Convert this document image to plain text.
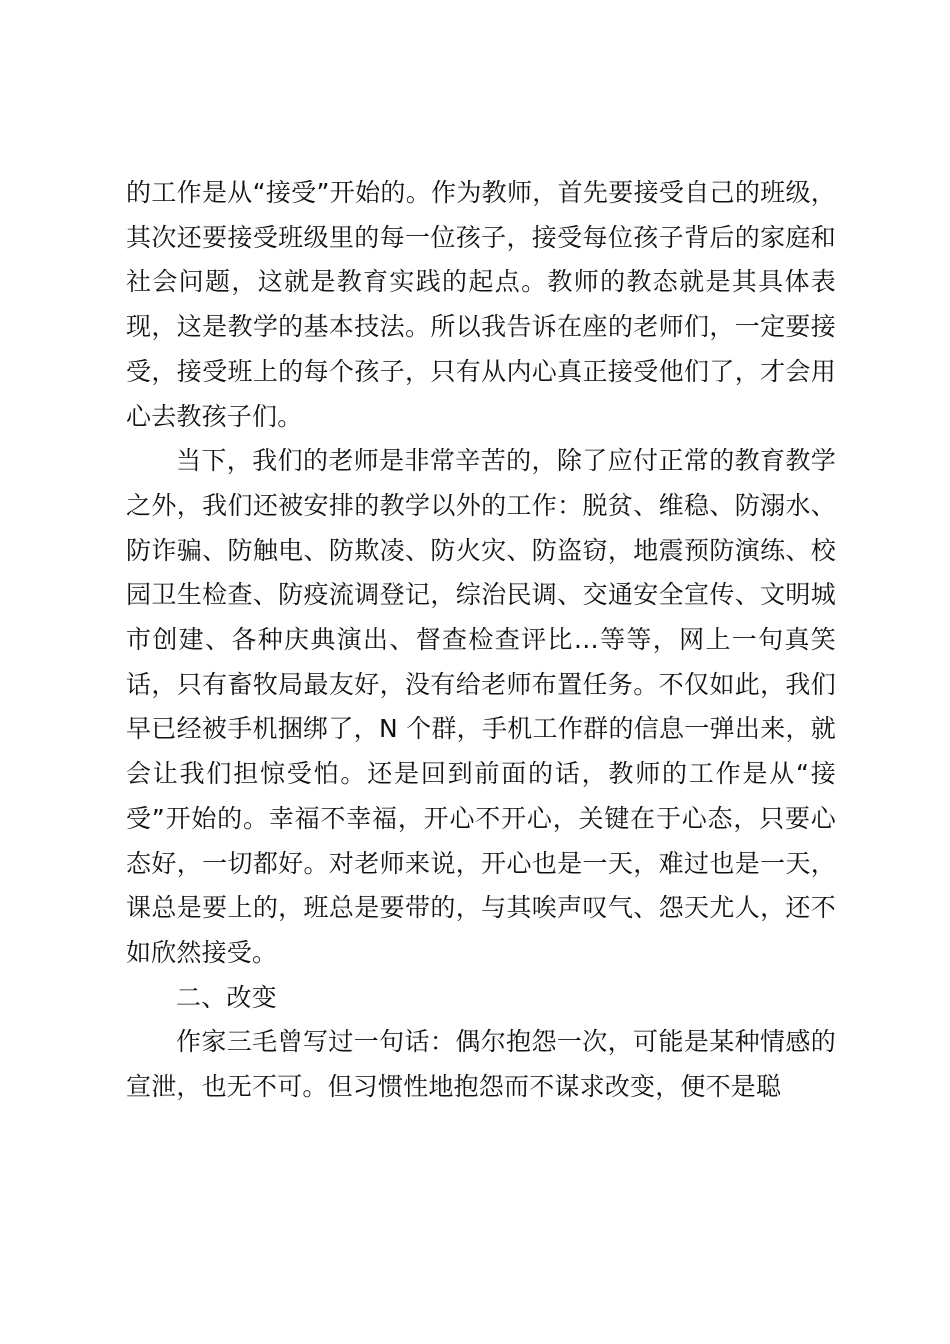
的工作是从“接受”开始的。作为教师，首先要接受自己的班级，其次还要接受班级里的每一位孩子，接受每位孩子背后的家庭和社会问题，这就是教育实践的起点。教师的教态就是其具体表现，这是教学的基本技法。所以我告诉在座的老师们，一定要接受，接受班上的每个孩子，只有从内心真正接受他们了，才会用心去教孩子们。

当下，我们的老师是非常辛苦的，除了应付正常的教育教学之外，我们还被安排的教学以外的工作：脱贫、维稳、防溺水、防诈骗、防触电、防欺凌、防火灾、防盗窃，地震预防演练、校园卫生检查、防疫流调登记，综治民调、交通安全宣传、文明城市创建、各种庆典演出、督查检查评比…等等，网上一句真笑话，只有畜牧局最友好，没有给老师布置任务。不仅如此，我们早已经被手机捆绑了，N 个群，手机工作群的信息一弹出来，就会让我们担惊受怕。还是回到前面的话，教师的工作是从“接受”开始的。幸福不幸福，开心不开心，关键在于心态，只要心态好，一切都好。对老师来说，开心也是一天，难过也是一天，课总是要上的，班总是要带的，与其唉声叹气、怨天尤人，还不如欣然接受。

二、改变

作家三毛曾写过一句话：偶尔抱怨一次，可能是某种情感的宣泄，也无不可。但习惯性地抱怨而不谋求改变，便不是聪
